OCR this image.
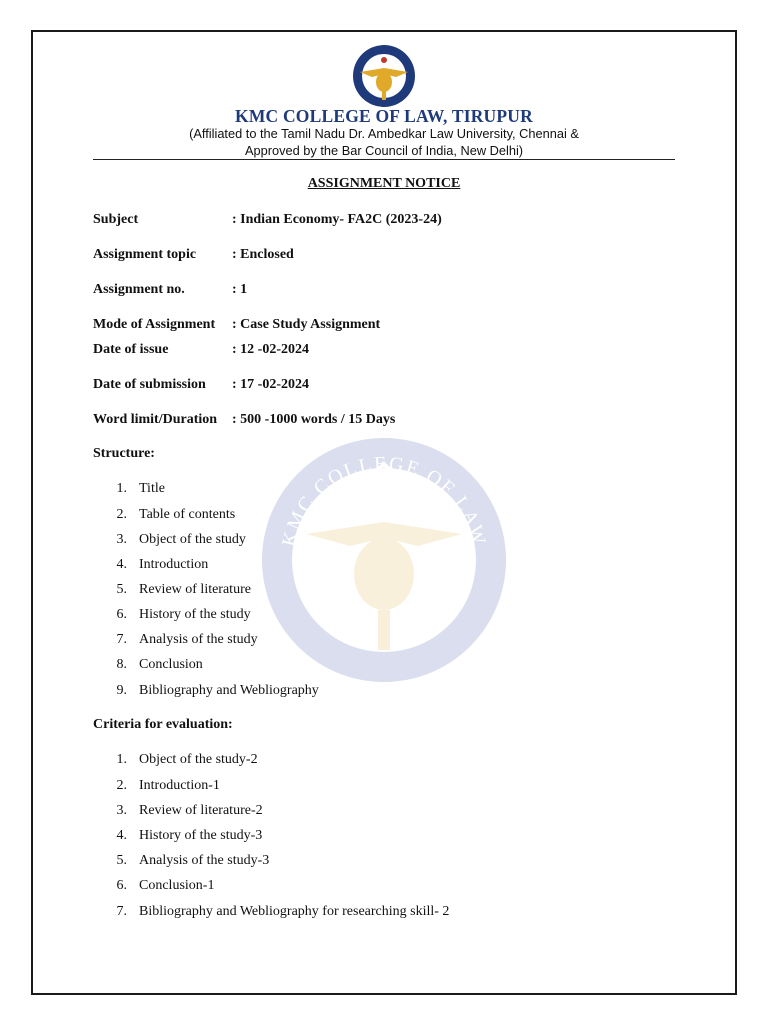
KMC COLLEGE OF LAW
PROGRESS IN HARMONY
KMC COLLEGE OF LAW, TIRUPUR
(Affiliated to the Tamil Nadu Dr. Ambedkar Law University, Chennai &
Approved by the Bar Council of India, New Delhi)
ASSIGNMENT NOTICE
Subject	: Indian Economy- FA2C (2023-24)
Assignment topic	: Enclosed
Assignment no.	: 1
Mode of Assignment : Case Study Assignment
Date of issue	: 12 -02-2024
Date of submission : 17 -02-2024
Word limit/Duration : 500 -1000 words / 15 Days
Structure:
1. Title
2. Table of contents
3. Object of the study
4. Introduction
5. Review of literature
6. History of the study
7. Analysis of the study
8. Conclusion
9. Bibliography and Webliography
Criteria for evaluation:
1. Object of the study-2
2. Introduction-1
3. Review of literature-2
4. History of the study-3
5. Analysis of the study-3
6. Conclusion-1
7. Bibliography and Webliography for researching skill- 2
